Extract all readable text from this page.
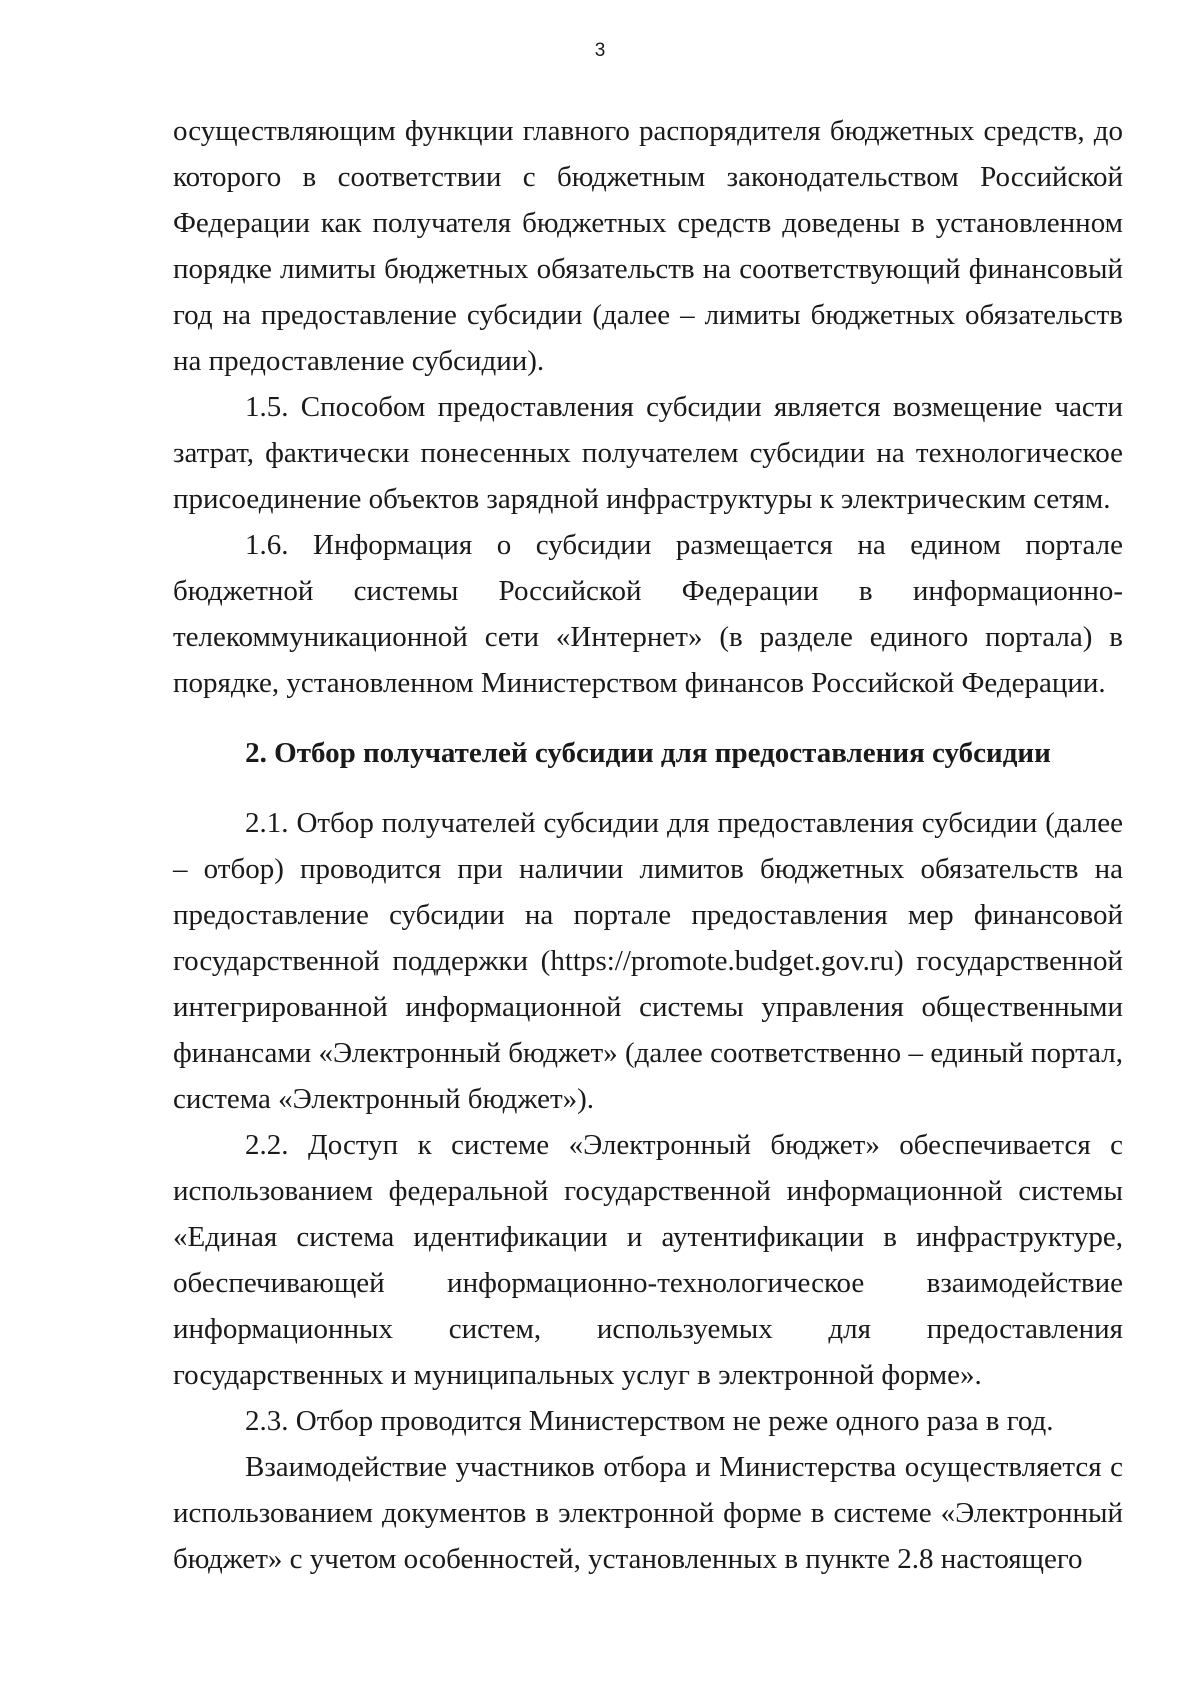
3

осуществляющим функции главного распорядителя бюджетных средств, до которого в соответствии с бюджетным законодательством Российской Федерации как получателя бюджетных средств доведены в установленном порядке лимиты бюджетных обязательств на соответствующий финансовый год на предоставление субсидии (далее – лимиты бюджетных обязательств на предоставление субсидии).

1.5. Способом предоставления субсидии является возмещение части затрат, фактически понесенных получателем субсидии на технологическое присоединение объектов зарядной инфраструктуры к электрическим сетям.

1.6. Информация о субсидии размещается на едином портале бюджетной системы Российской Федерации в информационно-телекоммуникационной сети «Интернет» (в разделе единого портала) в порядке, установленном Министерством финансов Российской Федерации.

2. Отбор получателей субсидии для предоставления субсидии

2.1. Отбор получателей субсидии для предоставления субсидии (далее – отбор) проводится при наличии лимитов бюджетных обязательств на предоставление субсидии на портале предоставления мер финансовой государственной поддержки (https://promote.budget.gov.ru) государственной интегрированной информационной системы управления общественными финансами «Электронный бюджет» (далее соответственно – единый портал, система «Электронный бюджет»).

2.2. Доступ к системе «Электронный бюджет» обеспечивается с использованием федеральной государственной информационной системы «Единая система идентификации и аутентификации в инфраструктуре, обеспечивающей информационно-технологическое взаимодействие информационных систем, используемых для предоставления государственных и муниципальных услуг в электронной форме».

2.3. Отбор проводится Министерством не реже одного раза в год.

Взаимодействие участников отбора и Министерства осуществляется с использованием документов в электронной форме в системе «Электронный бюджет» с учетом особенностей, установленных в пункте 2.8 настоящего
